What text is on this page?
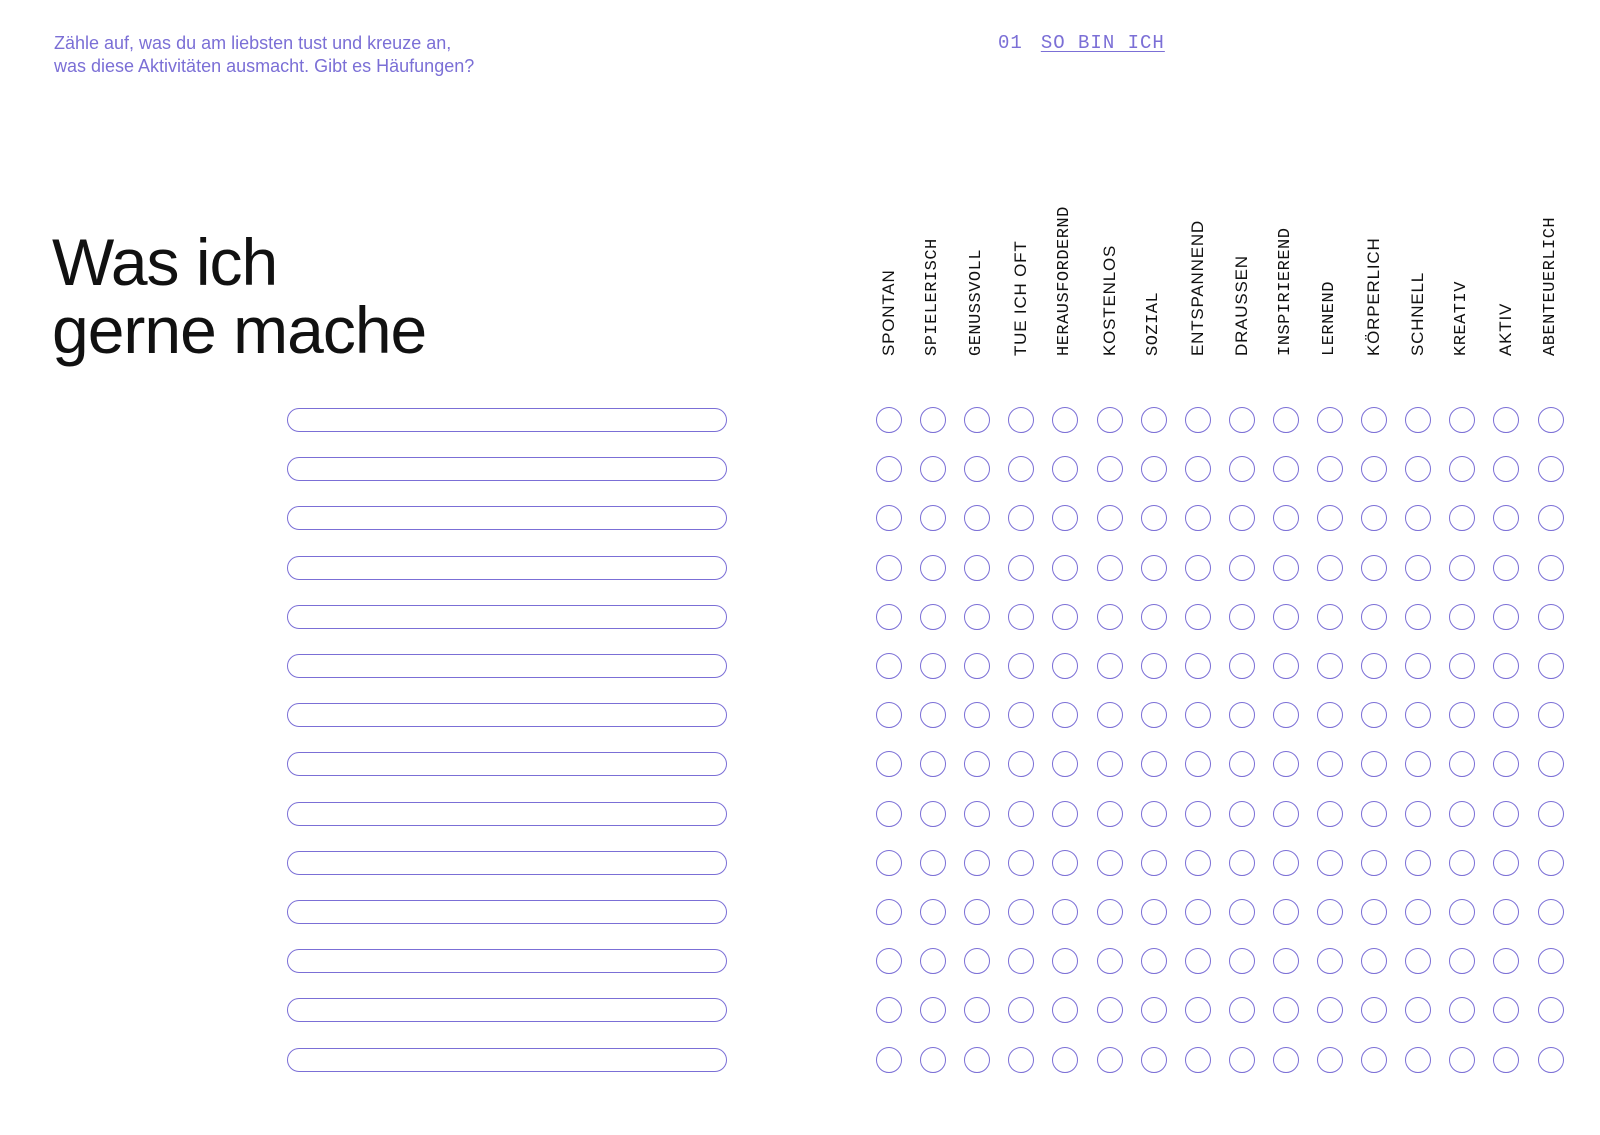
Zähle auf, was du am liebsten tust und kreuze an, was diese Aktivitäten ausmacht. Gibt es Häufungen?
01 SO BIN ICH
Was ich
gerne mache	SPONTAN SPIELERISCH GENUSSVOLL TUE ICH OFT HERAUSFORDERND KOSTENLOS SOZIAL ENTSPANNEND DRAUSSEN INSPIRIEREND LERNEND KÖRPERLICH SCHNELL KREATIV AKTIV ABENTEUERLICH
